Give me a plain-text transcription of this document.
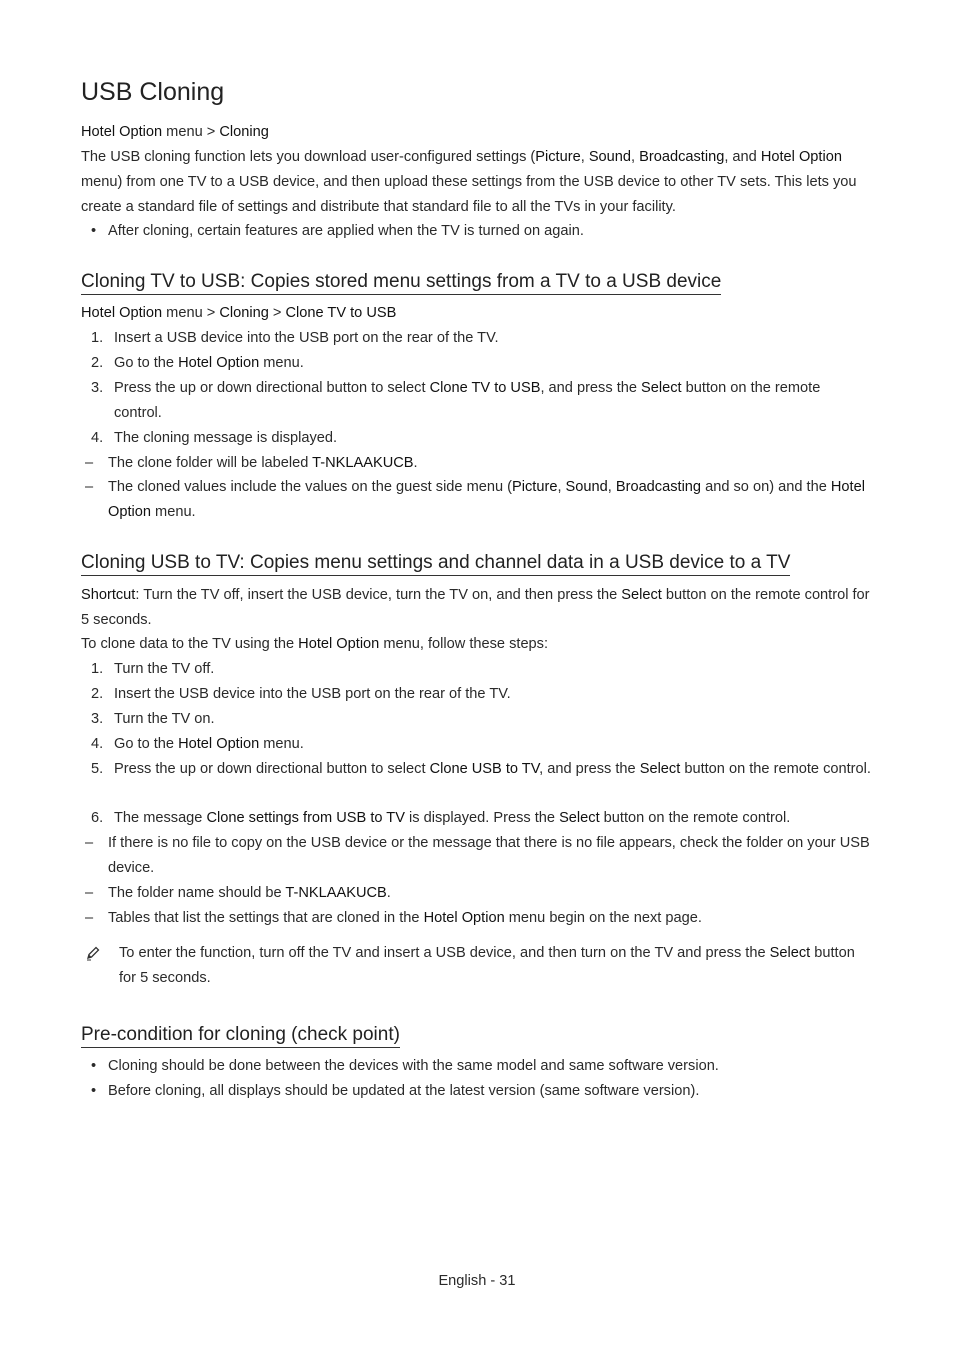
USB Cloning
Hotel Option menu > Cloning
The USB cloning function lets you download user-configured settings (Picture, Sound, Broadcasting, and Hotel Option menu) from one TV to a USB device, and then upload these settings from the USB device to other TV sets. This lets you create a standard file of settings and distribute that standard file to all the TVs in your facility.
• After cloning, certain features are applied when the TV is turned on again.
Cloning TV to USB: Copies stored menu settings from a TV to a USB device
Hotel Option menu > Cloning > Clone TV to USB
1. Insert a USB device into the USB port on the rear of the TV.
2. Go to the Hotel Option menu.
3. Press the up or down directional button to select Clone TV to USB, and press the Select button on the remote control.
4. The cloning message is displayed.
– The clone folder will be labeled T-NKLAAKUCB.
– The cloned values include the values on the guest side menu (Picture, Sound, Broadcasting and so on) and the Hotel Option menu.
Cloning USB to TV: Copies menu settings and channel data in a USB device to a TV
Shortcut: Turn the TV off, insert the USB device, turn the TV on, and then press the Select button on the remote control for 5 seconds.
To clone data to the TV using the Hotel Option menu, follow these steps:
1. Turn the TV off.
2. Insert the USB device into the USB port on the rear of the TV.
3. Turn the TV on.
4. Go to the Hotel Option menu.
5. Press the up or down directional button to select Clone USB to TV, and press the Select button on the remote control.
6. The message Clone settings from USB to TV is displayed. Press the Select button on the remote control.
– If there is no file to copy on the USB device or the message that there is no file appears, check the folder on your USB device.
– The folder name should be T-NKLAAKUCB.
– Tables that list the settings that are cloned in the Hotel Option menu begin on the next page.
To enter the function, turn off the TV and insert a USB device, and then turn on the TV and press the Select button for 5 seconds.
Pre-condition for cloning (check point)
• Cloning should be done between the devices with the same model and same software version.
• Before cloning, all displays should be updated at the latest version (same software version).
English - 31
